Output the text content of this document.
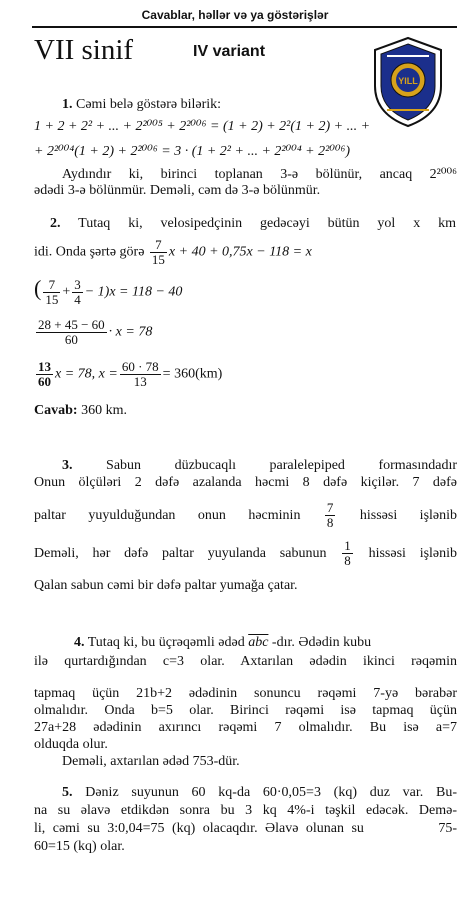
Cavablar, həllər və ya göstərişlər
VII sinif	IV variant
YILL
1. Cəmi belə göstərə bilərik:
1 + 2 + 2² + ... + 2²⁰⁰⁵ + 2²⁰⁰⁶ = (1 + 2) + 2²(1 + 2) + ... +
+ 2²⁰⁰⁴(1 + 2) + 2²⁰⁰⁶ = 3 · (1 + 2² + ... + 2²⁰⁰⁴ + 2²⁰⁰⁶)
Aydındır ki, birinci toplanan 3-ə bölünür, ancaq 2²⁰⁰⁶
ədədi 3-ə bölünmür. Deməli, cəm də 3-ə bölünmür.
2. Tutaq ki, velosipedçinin gedəcəyi bütün yol x km
idi. Onda şərtə görə $\frac{7}{15}$ x + 40 + 0,75x − 118 = x
( $\frac{7}{15} + \frac{3}{4} - 1)x = 118 - 40$
$\frac{28 + 45 - 60}{60} \cdot x = 78$
$\frac{13}{60}$ x = 78, $x = \frac{60 \cdot 78}{13} = 360(km)$
Cavab: 360 km.
3. Sabun düzbucaqlı paralelepiped formasındadır
Onun ölçüləri 2 dəfə azalanda həcmi 8 dəfə kiçilər. 7 dəfə
paltar yuyulduğundan onun həcminin $\frac{7}{8}$ hissəsi işlənib
Deməli, hər dəfə paltar yuyulanda sabunun $\frac{1}{8}$ hissəsi işlənib
Qalan sabun cəmi bir dəfə paltar yumağa çatar.
4. Tutaq ki, bu üçrəqəmli ədəd $\overline{abc}$ -dır. Ədədin kubu
ilə qurtardığından c=3 olar. Axtarılan ədədin ikinci rəqəmin
tapmaq üçün 21b+2 ədədinin sonuncu rəqəmi 7-yə bərabər
olmalıdır. Onda b=5 olar. Birinci rəqəmi isə tapmaq üçün
27a+28 ədədinin axırıncı rəqəmi 7 olmalıdır. Bu isə a=7
olduqda olur.
Deməli, axtarılan ədəd 753-dür.
5. Dəniz suyunun 60 kq-da 60·0,05=3 (kq) duz var. Bu-
na su əlavə etdikdən sonra bu 3 kq 4%-i təşkil edəcək. Demə-
li, cəmi su 3:0,04=75 (kq) olacaqdır. Əlavə olunan su          75-
60=15 (kq) olar.
